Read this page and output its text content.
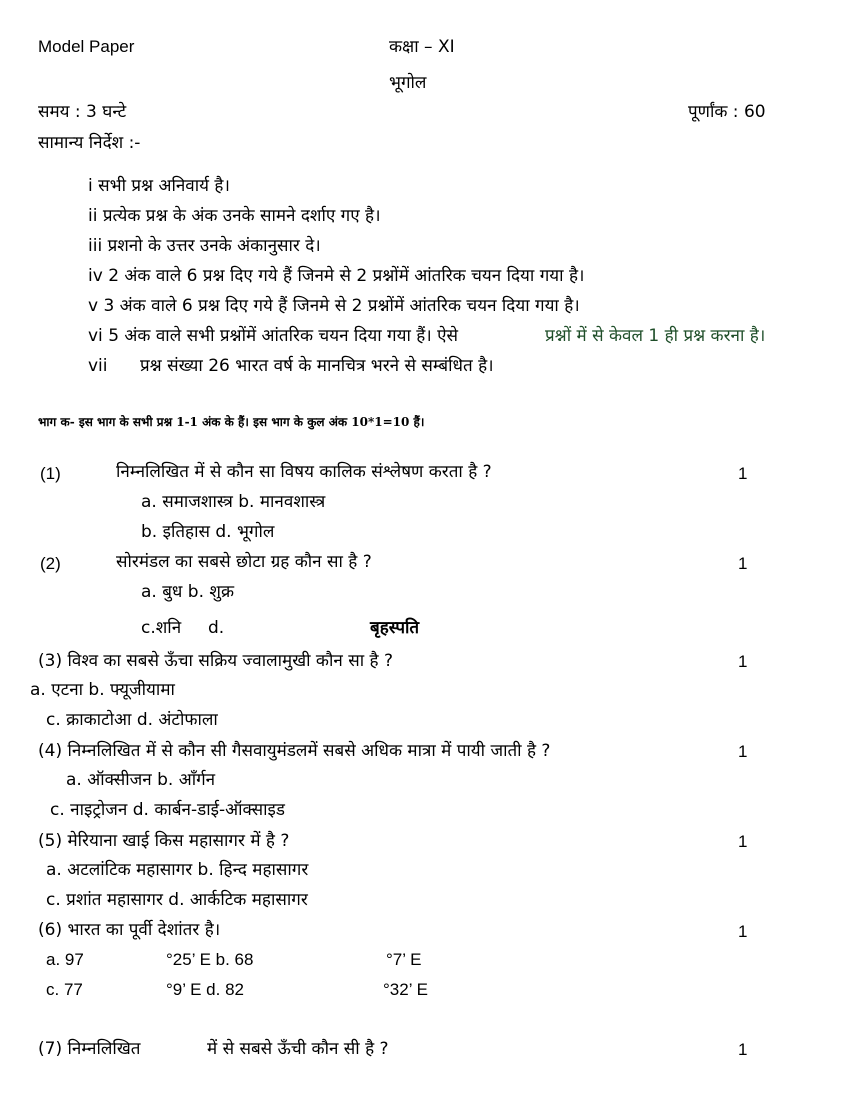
Model Paper	कक्षा – XI
भूगोल
समय : 3 घन्टे	पूर्णांक : 60
सामान्य निर्देश :-
i सभी प्रश्न अनिवार्य है।
ii प्रत्येक प्रश्न के अंक उनके सामने दर्शाए गए है।
iii प्रशनो के उत्तर उनके अंकानुसार दे।
iv 2 अंक वाले 6 प्रश्न दिए गये हैं जिनमे से 2 प्रश्नोंमें आंतरिक चयन दिया गया है।
v 3 अंक वाले 6 प्रश्न दिए गये हैं जिनमे से 2 प्रश्नोंमें आंतरिक चयन दिया गया है।
vi 5 अंक वाले सभी प्रश्नोंमें आंतरिक चयन दिया गया हैं। ऐसे	प्रश्नों में से केवल 1 ही प्रश्न करना है।
vii प्रश्न संख्या 26 भारत वर्ष के मानचित्र भरने से सम्बंधित है।
भाग क- इस भाग के सभी प्रश्न 1-1 अंक के हैं। इस भाग के कुल अंक 10*1=10 हैं।
(1)	निम्नलिखित में से कौन सा विषय कालिक संश्लेषण करता है ?	1
a. समाजशास्त्र b. मानवशास्त्र
b. इतिहास d. भूगोल
(2)	सोरमंडल का सबसे छोटा ग्रह कौन सा है ?	1
a. बुध b. शुक्र
c.शनि d.	बृहस्पति
(3) विश्व का सबसे ऊँचा सक्रिय ज्वालामुखी कौन सा है ?	1
a. एटना b. फ्यूजीयामा
c. क्राकाटोआ d. अंटोफाला
(4) निम्नलिखित में से कौन सी गैसवायुमंडलमें सबसे अधिक मात्रा में पायी जाती है ?	1
a. ऑक्सीजन b. आँर्गन
c. नाइट्रोजन d. कार्बन-डाई-ऑक्साइड
(5) मेरियाना खाई किस महासागर में है ?	1
a. अटलांटिक महासागर b. हिन्द महासागर
c. प्रशांत महासागर d. आर्कटिक महासागर
(6) भारत का पूर्वी देशांतर है।	1
a. 97	°25’ E b. 68	°7’ E
c. 77	°9’ E d. 82	°32’ E
(7) निम्नलिखित	में से सबसे ऊँची कौन सी है ?	1
